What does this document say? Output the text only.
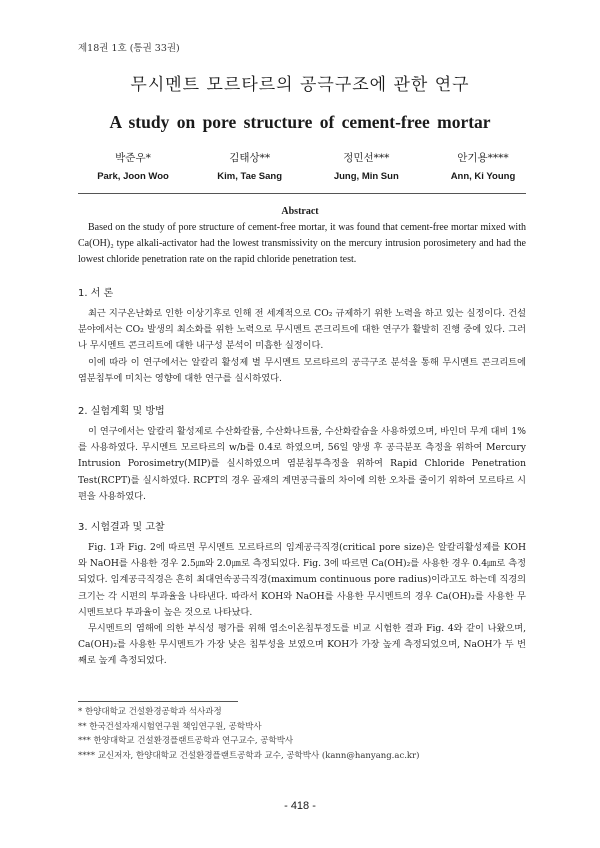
제18권 1호 (통권 33권)
무시멘트 모르타르의 공극구조에 관한 연구
A study on pore structure of cement-free mortar
박준우*
Park, Joon Woo
김태상**
Kim, Tae Sang
정민선***
Jung, Min Sun
안기용****
Ann, Ki Young
Abstract

Based on the study of pore structure of cement-free mortar, it was found that cement-free mortar mixed with Ca(OH)₂ type alkali-activator had the lowest transmissivity on the mercury intrusion porosimetery and had the lowest chloride penetration rate on the rapid chloride penetration test.

1. 서 론

최근 지구온난화로 인한 이상기후로 인해 전 세계적으로 CO₂ 규제하기 위한 노력을 하고 있는 실정이다. 건설 분야에서는 CO₂ 발생의 최소화를 위한 노력으로 무시멘트 콘크리트에 대한 연구가 활발히 진행 중에 있다. 그러나 무시멘트 콘크리트에 대한 내구성 분석이 미흡한 실정이다.

이에 따라 이 연구에서는 알칼리 활성제 별 무시멘트 모르타르의 공극구조 분석을 통해 무시멘트 콘크리트에 염분침투에 미치는 영향에 대한 연구를 실시하였다.

2. 실험계획 및 방법

이 연구에서는 알칼리 활성제로 수산화칼륨, 수산화나트륨, 수산화칼슘을 사용하였으며, 바인더 무게 대비 1%를 사용하였다. 무시멘트 모르타르의 w/b를 0.4로 하였으며, 56일 양생 후 공극분포 측정을 위하여 Mercury Intrusion Porosimetry(MIP)를 실시하였으며 염분침투측정을 위하여 Rapid Chloride Penetration Test(RCPT)를 실시하였다. RCPT의 경우 골재의 계면공극률의 차이에 의한 오차를 줄이기 위하여 모르타르 시편을 사용하였다.

3. 시험결과 및 고찰

Fig. 1과 Fig. 2에 따르면 무시멘트 모르타르의 임계공극직경(critical pore size)은 알칼리활성제를 KOH와 NaOH를 사용한 경우 2.5㎛와 2.0㎛로 측정되었다. Fig. 3에 따르면 Ca(OH)₂를 사용한 경우 0.4㎛로 측정되었다. 임계공극직경은 흔히 최대연속공극직경(maximum continuous pore radius)이라고도 하는데 직경의 크기는 각 시편의 투과율을 나타낸다. 따라서 KOH와 NaOH를 사용한 무시멘트의 경우 Ca(OH)₂를 사용한 무시멘트보다 투과율이 높은 것으로 나타났다.

무시멘트의 염해에 의한 부식성 평가를 위해 염소이온침투정도를 비교 시험한 결과 Fig. 4와 같이 나왔으며, Ca(OH)₂를 사용한 무시멘트가 가장 낮은 침투성을 보였으며 KOH가 가장 높게 측정되었으며, NaOH가 두 번째로 높게 측정되었다.

* 한양대학교 건설환경공학과 석사과정
** 한국건설자재시험연구원 책임연구원, 공학박사
*** 한양대학교 건설환경플랜트공학과 연구교수, 공학박사
**** 교신저자, 한양대학교 건설환경플랜트공학과 교수, 공학박사 (kann@hanyang.ac.kr)
- 418 -
